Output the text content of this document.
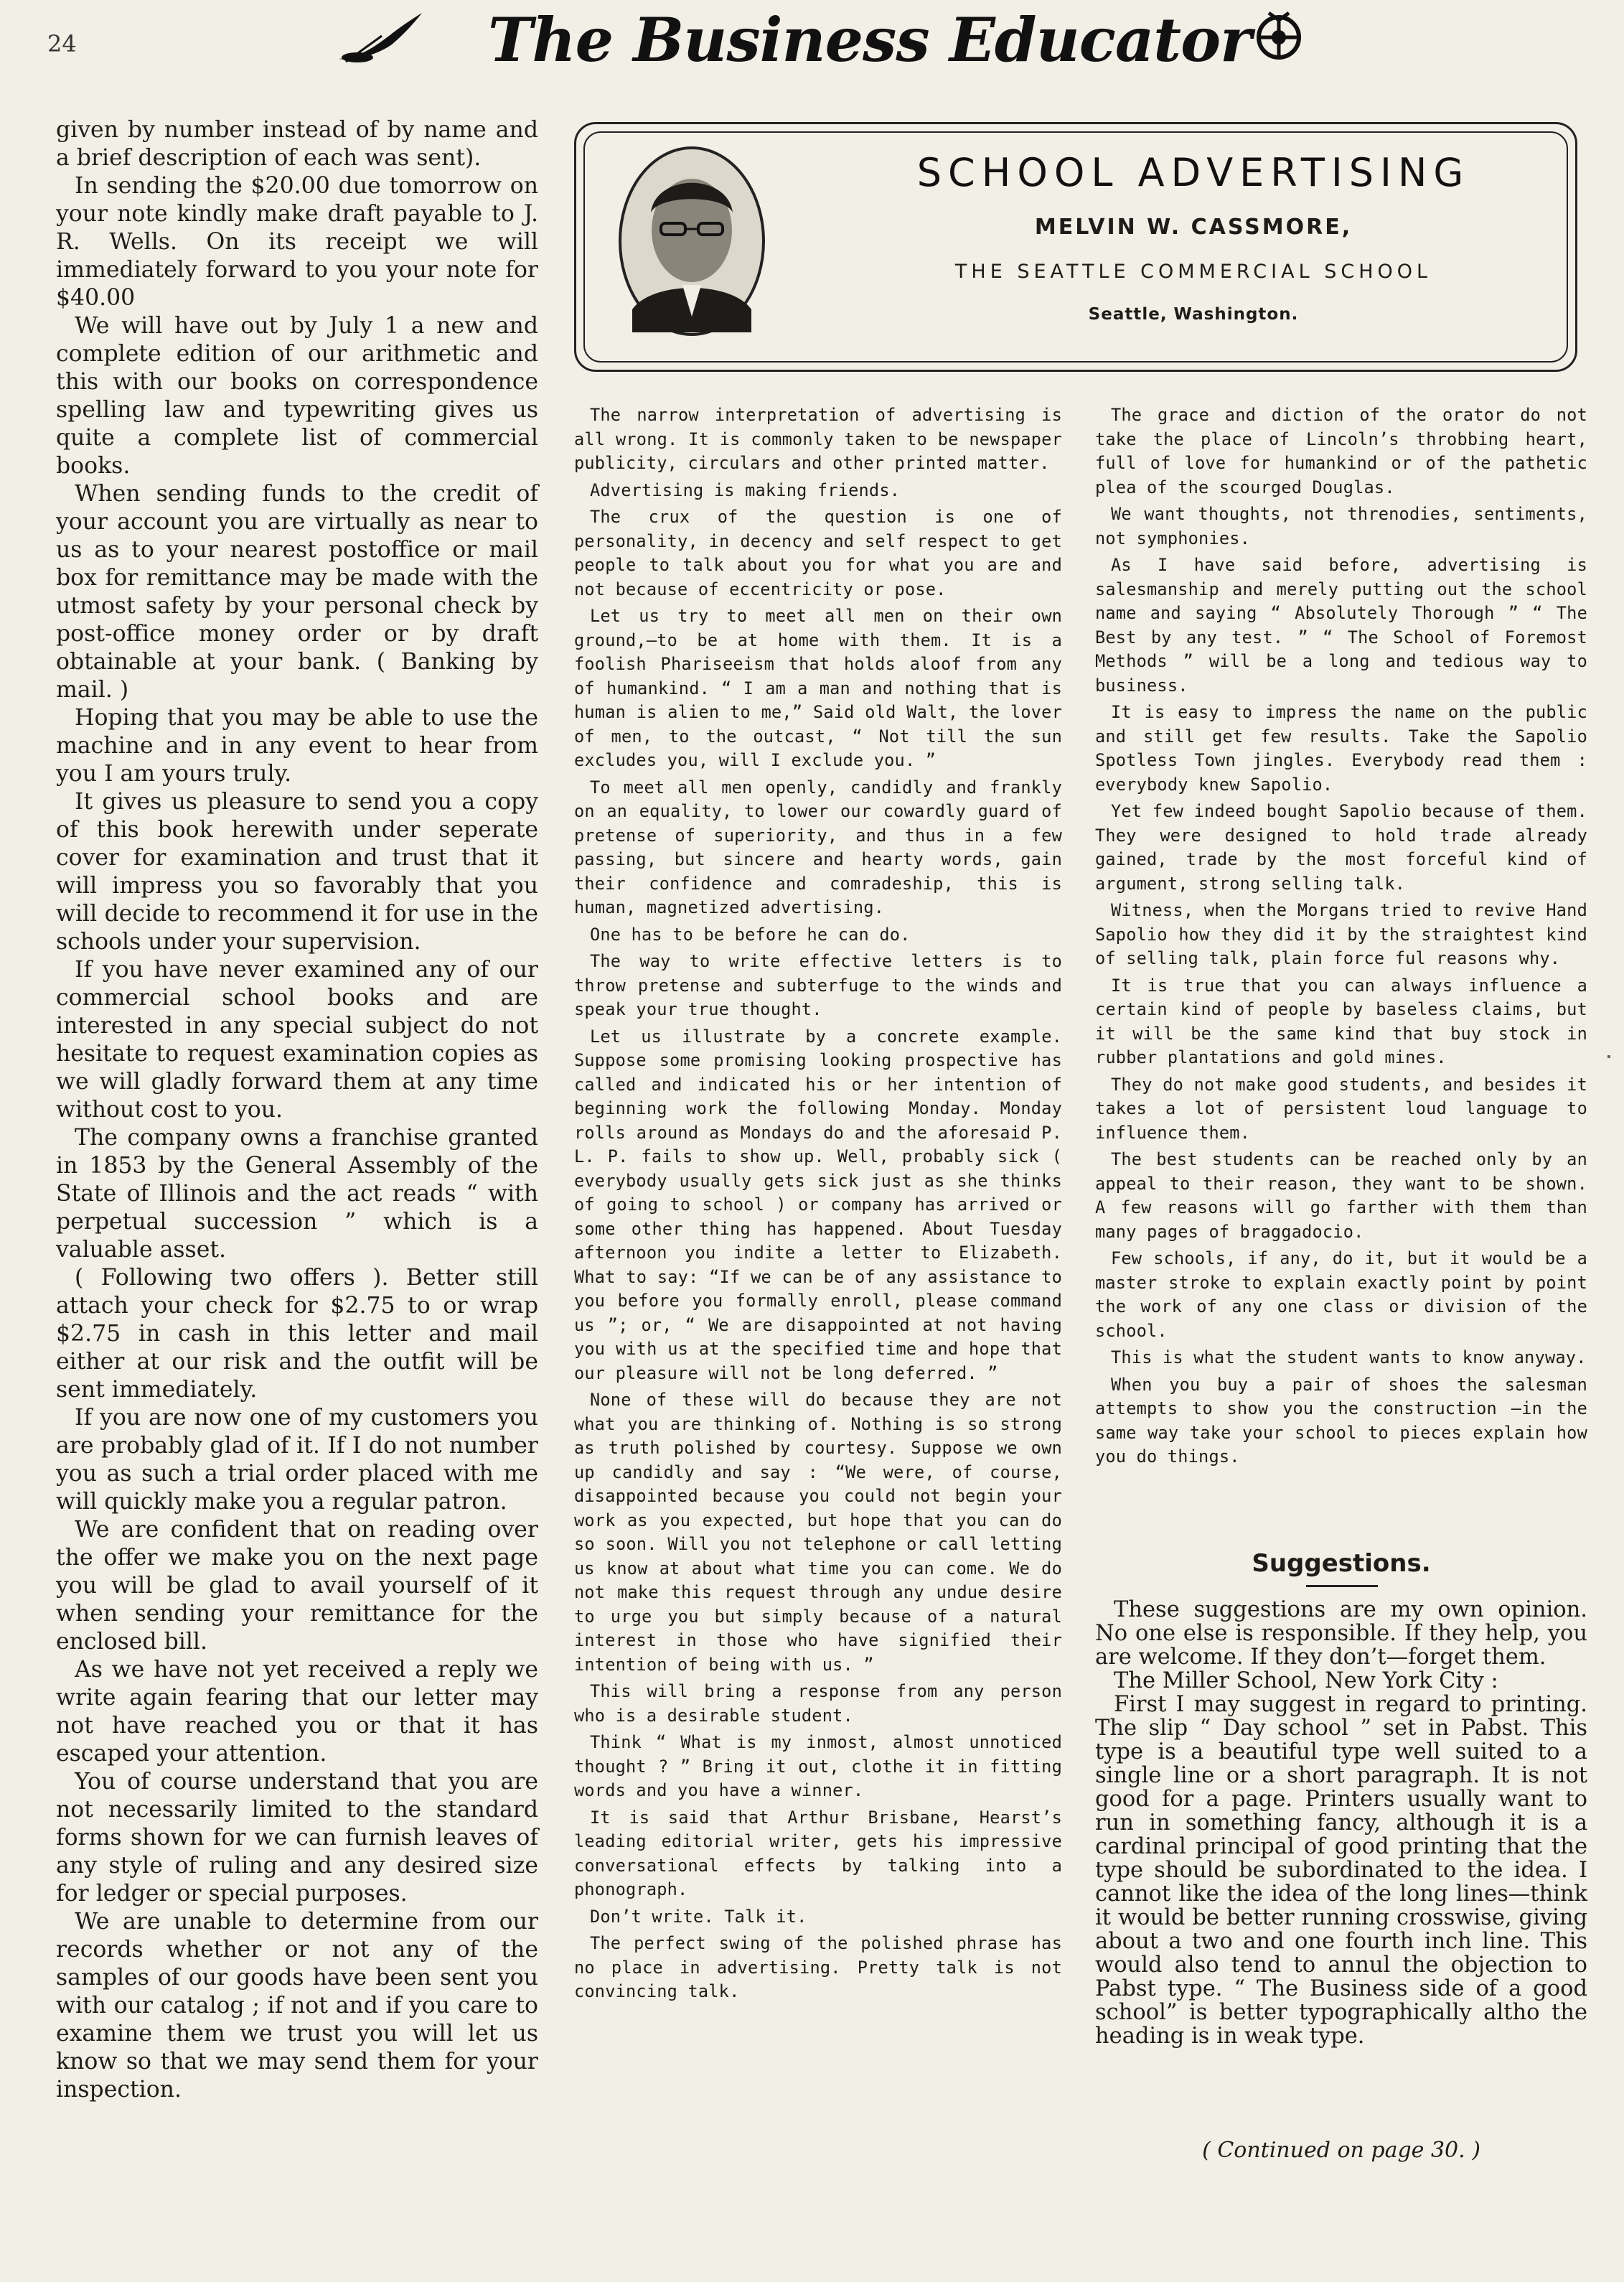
24	The Business Educator

given by number instead of by name and a brief description of each was sent).

In sending the $20.00 due tomorrow on your note kindly make draft payable to J. R. Wells. On its receipt we will immediately forward to you your note for $40.00

We will have out by July 1 a new and complete edition of our arithmetic and this with our books on correspondence spelling law and typewriting gives us quite a complete list of commercial books.

When sending funds to the credit of your account you are virtually as near to us as to your nearest postoffice or mail box for remittance may be made with the utmost safety by your personal check by post-office money order or by draft obtainable at your bank. ( Banking by mail. )

Hoping that you may be able to use the machine and in any event to hear from you I am yours truly.

It gives us pleasure to send you a copy of this book herewith under seperate cover for examination and trust that it will impress you so favorably that you will decide to recommend it for use in the schools under your supervision.

If you have never examined any of our commercial school books and are interested in any special subject do not hesitate to request examination copies as we will gladly forward them at any time without cost to you.

The company owns a franchise granted in 1853 by the General Assembly of the State of Illinois and the act reads “ with perpetual succession ” which is a valuable asset.

( Following two offers ). Better still attach your check for $2.75 to or wrap $2.75 in cash in this letter and mail either at our risk and the outfit will be sent immediately.

If you are now one of my customers you are probably glad of it. If I do not number you as such a trial order placed with me will quickly make you a regular patron.

We are confident that on reading over the offer we make you on the next page you will be glad to avail yourself of it when sending your remittance for the enclosed bill.

As we have not yet received a reply we write again fearing that our letter may not have reached you or that it has escaped your attention.

You of course understand that you are not necessarily limited to the standard forms shown for we can furnish leaves of any style of ruling and any desired size for ledger or special purposes.

We are unable to determine from our records whether or not any of the samples of our goods have been sent you with our catalog ; if not and if you care to examine them we trust you will let us know so that we may send them for your inspection.

SCHOOL ADVERTISING
MELVIN W. CASSMORE,
THE SEATTLE COMMERCIAL SCHOOL
Seattle, Washington.

The narrow interpretation of advertising is all wrong. It is commonly taken to be newspaper publicity, circulars and other printed matter.

Advertising is making friends.

The crux of the question is one of personality, in decency and self respect to get people to talk about you for what you are and not because of eccentricity or pose.

Let us try to meet all men on their own ground,—to be at home with them. It is a foolish Phariseeism that holds aloof from any of humankind. “ I am a man and nothing that is human is alien to me,” Said old Walt, the lover of men, to the outcast, “ Not till the sun excludes you, will I exclude you. ”

To meet all men openly, candidly and frankly on an equality, to lower our cowardly guard of pretense of superiority, and thus in a few passing, but sincere and hearty words, gain their confidence and comradeship, this is human, magnetized advertising.

One has to be before he can do.

The way to write effective letters is to throw pretense and subterfuge to the winds and speak your true thought.

Let us illustrate by a concrete example. Suppose some promising looking prospective has called and indicated his or her intention of beginning work the following Monday. Monday rolls around as Mondays do and the aforesaid P. L. P. fails to show up. Well, probably sick ( everybody usually gets sick just as she thinks of going to school ) or company has arrived or some other thing has happened. About Tuesday afternoon you indite a letter to Elizabeth. What to say: “If we can be of any assistance to you before you formally enroll, please command us ”; or, “ We are disappointed at not having you with us at the specified time and hope that our pleasure will not be long deferred. ”

None of these will do because they are not what you are thinking of. Nothing is so strong as truth polished by courtesy. Suppose we own up candidly and say : “We were, of course, disappointed because you could not begin your work as you expected, but hope that you can do so soon. Will you not telephone or call letting us know at about what time you can come. We do not make this request through any undue desire to urge you but simply because of a natural interest in those who have signified their intention of being with us. ”

This will bring a response from any person who is a desirable student.

Think “ What is my inmost, almost unnoticed thought ? ” Bring it out, clothe it in fitting words and you have a winner.

It is said that Arthur Brisbane, Hearst’s leading editorial writer, gets his impressive conversational effects by talking into a phonograph.

Don’t write. Talk it.

The perfect swing of the polished phrase has no place in advertising. Pretty talk is not convincing talk.

The grace and diction of the orator do not take the place of Lincoln’s throbbing heart, full of love for humankind or of the pathetic plea of the scourged Douglas.

We want thoughts, not threnodies, sentiments, not symphonies.

As I have said before, advertising is salesmanship and merely putting out the school name and saying “ Absolutely Thorough ” “ The Best by any test. ” “ The School of Foremost Methods ” will be a long and tedious way to business.

It is easy to impress the name on the public and still get few results. Take the Sapolio Spotless Town jingles. Everybody read them : everybody knew Sapolio.

Yet few indeed bought Sapolio because of them. They were designed to hold trade already gained, trade by the most forceful kind of argument, strong selling talk.

Witness, when the Morgans tried to revive Hand Sapolio how they did it by the straightest kind of selling talk, plain force ful reasons why.

It is true that you can always influence a certain kind of people by baseless claims, but it will be the same kind that buy stock in rubber plantations and gold mines.

They do not make good students, and besides it takes a lot of persistent loud language to influence them.

The best students can be reached only by an appeal to their reason, they want to be shown. A few reasons will go farther with them than many pages of braggadocio.

Few schools, if any, do it, but it would be a master stroke to explain exactly point by point the work of any one class or division of the school.

This is what the student wants to know anyway.

When you buy a pair of shoes the salesman attempts to show you the construction —in the same way take your school to pieces explain how you do things.

Suggestions.

These suggestions are my own opinion. No one else is responsible. If they help, you are welcome. If they don’t—forget them.

The Miller School, New York City :

First I may suggest in regard to printing. The slip “ Day school ” set in Pabst. This type is a beautiful type well suited to a single line or a short paragraph. It is not good for a page. Printers usually want to run in something fancy, although it is a cardinal principal of good printing that the type should be subordinated to the idea. I cannot like the idea of the long lines—think it would be better running crosswise, giving about a two and one fourth inch line. This would also tend to annul the objection to Pabst type. “ The Business side of a good school” is better typographically altho the heading is in weak type.

( Continued on page 30. )
